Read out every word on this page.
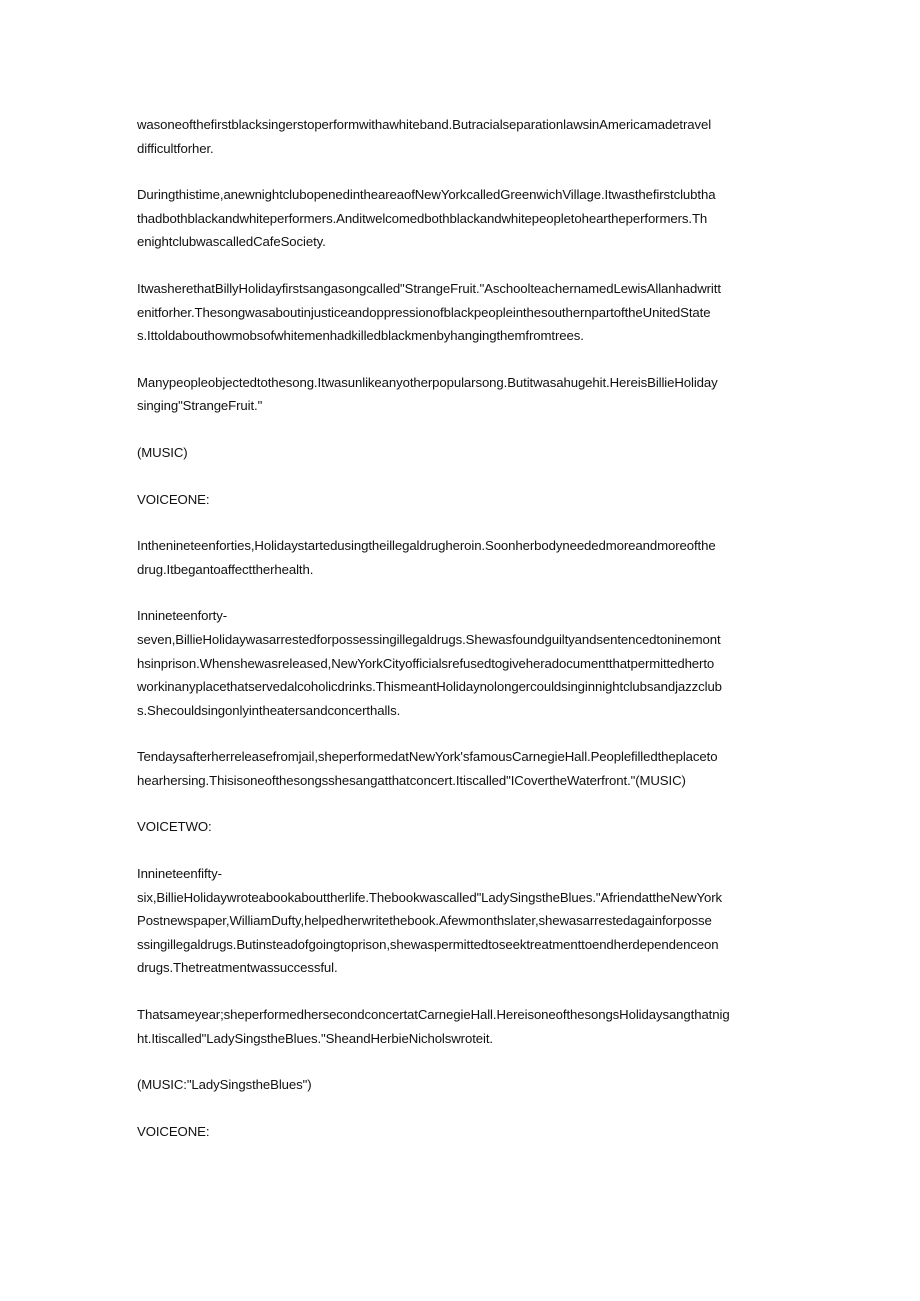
wasoneofthefirstblacksingerstoperformwithawhiteband.ButracialseparationlawsinAmericamadetravel
difficultforher.

Duringthistime,anewnightclubopenedintheareaofNewYorkcalledGreenwichVillage.Itwasthefirstclubtha
thadbothblackandwhiteperformers.Anditwelcomedbothblackandwhitepeopletoheartheperformers.Th
enightclubwascalledCafeSociety.

ItwasherethatBillyHolidayfirstsangasongcalled"StrangeFruit."AschoolteachernamedLewisAllanhadwritt
enitforher.ThesongwasaboutinjusticeandoppressionofblackpeopleinthesouthernpartoftheUnitedState
s.Ittoldabouthowmobsofwhitemenhadkilledblackmenbyhangingthemfromtrees.

Manypeopleobjectedtothesong.Itwasunlikeanyotherpopularsong.Butitwasahugehit.HereisBillieHoliday
singing"StrangeFruit."

(MUSIC)

VOICEONE:

Inthenineteenforties,Holidaystartedusingtheillegaldrugheroin.Soonherbodyneededmoreandmoreofthe
drug.Itbegantoaffecttherhealth.

Innineteenforty-
seven,BillieHolidaywasarrestedforpossessingillegaldrugs.Shewasfoundguiltyandsentencedtoninemont
hsinprison.Whenshewasreleased,NewYorkCityofficialsrefusedtogiveheradocumentthatpermittedherto
workinanyplacethatservedalcoholicdrinks.ThismeantHolidaynolongercouldsinginnightclubsandjazzclub
s.Shecouldsingonlyintheatersandconcerthalls.

Tendaysafterherreleasefromjail,sheperformedatNewYork'sfamousCarnegieHall.Peoplefilledtheplaceto
hearhersing.Thisisoneofthesongsshesangatthatconcert.Itiscalled"ICovertheWaterfront."(MUSIC)

VOICETWO:

Innineteenfifty-
six,BillieHolidaywroteabookabouttherlife.Thebookwascalled"LadySingstheBlues."AfriendattheNewYork
Postnewspaper,WilliamDufty,helpedherwritethebook.Afewmonthslater,shewasarrestedagainforposse
ssingillegaldrugs.Butinsteadofgoingtoprison,shewaspermittedtoseektreatmenttoendherdependenceon
drugs.Thetreatmentwassuccessful.

Thatsameyear;sheperformedhersecondconcertatCarnegieHall.HereisoneofthesongsHolidaysangthatnig
ht.Itiscalled"LadySingstheBlues."SheandHerbieNicholswroteit.

(MUSIC:"LadySingstheBlues")

VOICEONE:
